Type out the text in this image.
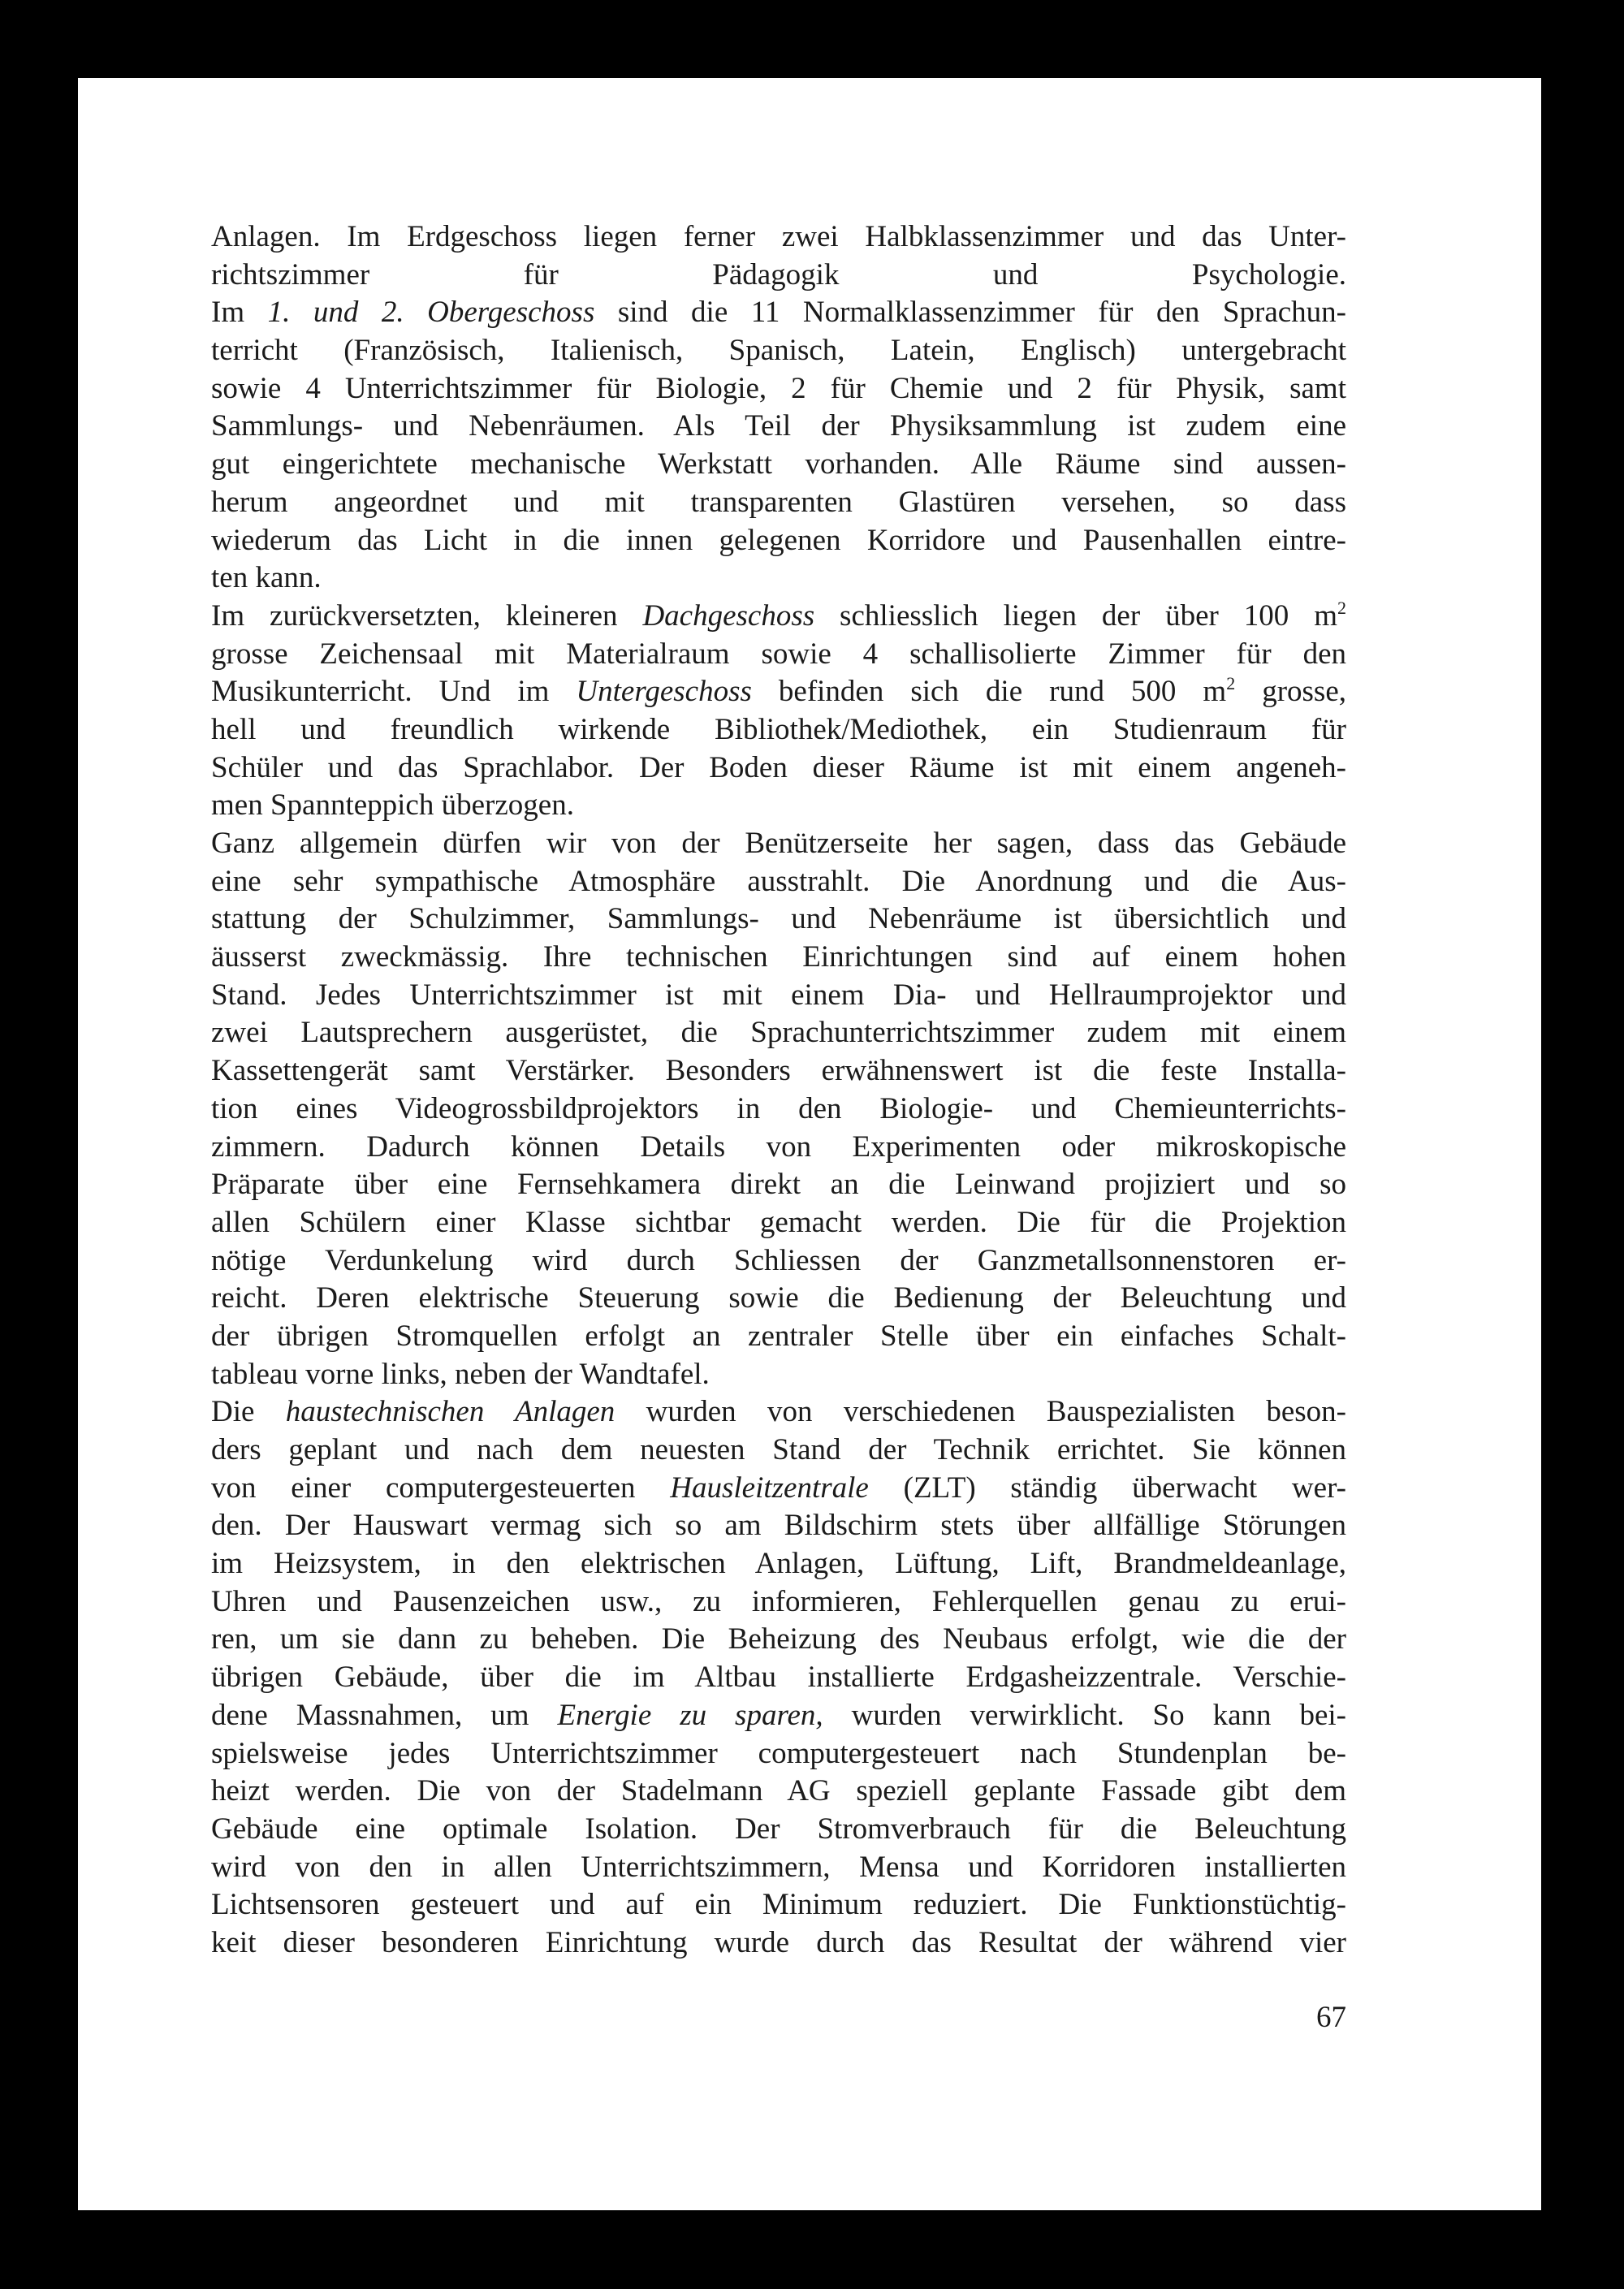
Anlagen. Im Erdgeschoss liegen ferner zwei Halbklassenzimmer und das Unter-
richtszimmer für Pädagogik und Psychologie.
Im 1. und 2. Obergeschoss sind die 11 Normalklassenzimmer für den Sprachun-
terricht (Französisch, Italienisch, Spanisch, Latein, Englisch) untergebracht
sowie 4 Unterrichtszimmer für Biologie, 2 für Chemie und 2 für Physik, samt
Sammlungs- und Nebenräumen. Als Teil der Physiksammlung ist zudem eine
gut eingerichtete mechanische Werkstatt vorhanden. Alle Räume sind aussen-
herum angeordnet und mit transparenten Glastüren versehen, so dass
wiederum das Licht in die innen gelegenen Korridore und Pausenhallen eintre-
ten kann.
Im zurückversetzten, kleineren Dachgeschoss schliesslich liegen der über 100 $m^2$
grosse Zeichensaal mit Materialraum sowie 4 schallisolierte Zimmer für den
Musikunterricht. Und im Untergeschoss befinden sich die rund 500 $m^2$ grosse,
hell und freundlich wirkende Bibliothek/Mediothek, ein Studienraum für
Schüler und das Sprachlabor. Der Boden dieser Räume ist mit einem angeneh-
men Spannteppich überzogen.
Ganz allgemein dürfen wir von der Benützerseite her sagen, dass das Gebäude
eine sehr sympathische Atmosphäre ausstrahlt. Die Anordnung und die Aus-
stattung der Schulzimmer, Sammlungs- und Nebenräume ist übersichtlich und
äusserst zweckmässig. Ihre technischen Einrichtungen sind auf einem hohen
Stand. Jedes Unterrichtszimmer ist mit einem Dia- und Hellraumprojektor und
zwei Lautsprechern ausgerüstet, die Sprachunterrichtszimmer zudem mit einem
Kassettengerät samt Verstärker. Besonders erwähnenswert ist die feste Installa-
tion eines Videogrossbildprojektors in den Biologie- und Chemieunterrichts-
zimmern. Dadurch können Details von Experimenten oder mikroskopische
Präparate über eine Fernsehkamera direkt an die Leinwand projiziert und so
allen Schülern einer Klasse sichtbar gemacht werden. Die für die Projektion
nötige Verdunkelung wird durch Schliessen der Ganzmetallsonnenstoren er-
reicht. Deren elektrische Steuerung sowie die Bedienung der Beleuchtung und
der übrigen Stromquellen erfolgt an zentraler Stelle über ein einfaches Schalt-
tableau vorne links, neben der Wandtafel.
Die haustechnischen Anlagen wurden von verschiedenen Bauspezialisten beson-
ders geplant und nach dem neuesten Stand der Technik errichtet. Sie können
von einer computergesteuerten Hausleitzentrale (ZLT) ständig überwacht wer-
den. Der Hauswart vermag sich so am Bildschirm stets über allfällige Störungen
im Heizsystem, in den elektrischen Anlagen, Lüftung, Lift, Brandmeldeanlage,
Uhren und Pausenzeichen usw., zu informieren, Fehlerquellen genau zu erui-
ren, um sie dann zu beheben. Die Beheizung des Neubaus erfolgt, wie die der
übrigen Gebäude, über die im Altbau installierte Erdgasheizzentrale. Verschie-
dene Massnahmen, um Energie zu sparen, wurden verwirklicht. So kann bei-
spielsweise jedes Unterrichtszimmer computergesteuert nach Stundenplan be-
heizt werden. Die von der Stadelmann AG speziell geplante Fassade gibt dem
Gebäude eine optimale Isolation. Der Stromverbrauch für die Beleuchtung
wird von den in allen Unterrichtszimmern, Mensa und Korridoren installierten
Lichtsensoren gesteuert und auf ein Minimum reduziert. Die Funktionstüchtig-
keit dieser besonderen Einrichtung wurde durch das Resultat der während vier
67
